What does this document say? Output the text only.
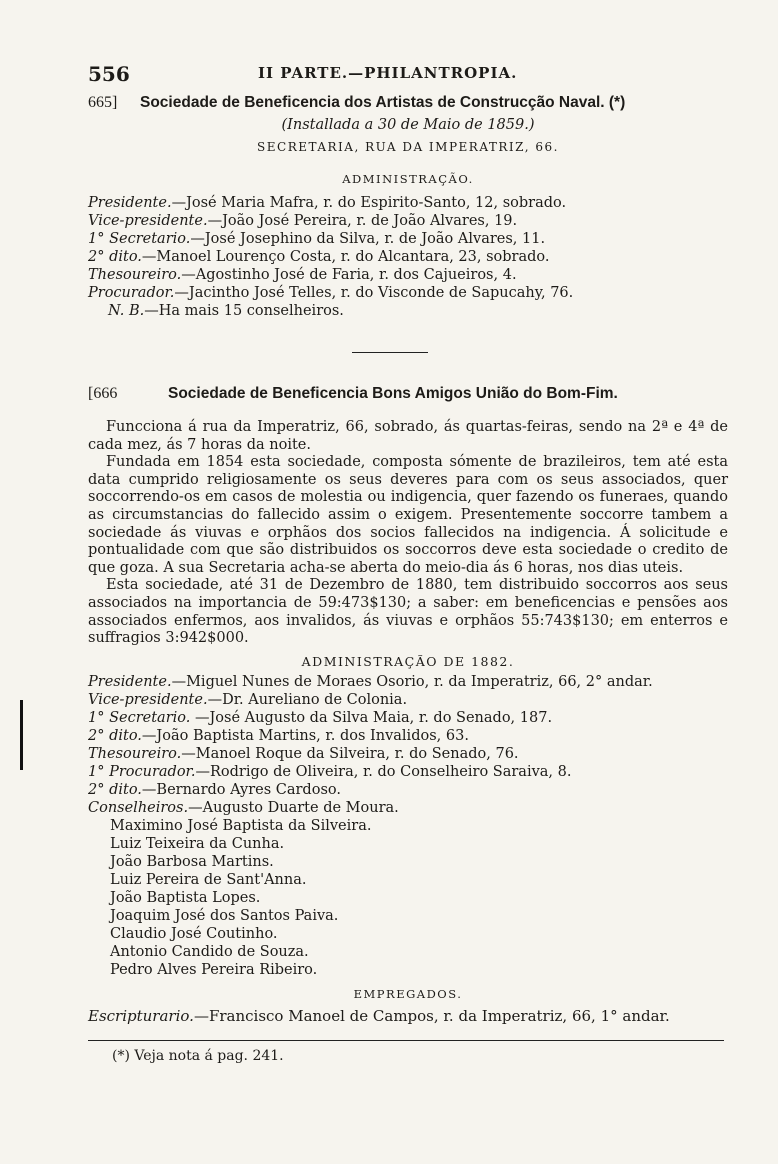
556	II PARTE.—PHILANTROPIA.
665] Sociedade de Beneficencia dos Artistas de Construcção Naval. (*)
(Installada a 30 de Maio de 1859.)
SECRETARIA, RUA DA IMPERATRIZ, 66.
ADMINISTRAÇÃO.
Presidente.—José Maria Mafra, r. do Espirito-Santo, 12, sobrado.
Vice-presidente.—João José Pereira, r. de João Alvares, 19.
1° Secretario.—José Josephino da Silva, r. de João Alvares, 11.
2° dito.—Manoel Lourenço Costa, r. do Alcantara, 23, sobrado.
Thesoureiro.—Agostinho José de Faria, r. dos Cajueiros, 4.
Procurador.—Jacintho José Telles, r. do Visconde de Sapucahy, 76.
N. B.—Ha mais 15 conselheiros.
[666	Sociedade de Beneficencia Bons Amigos União do Bom-Fim.

Funcciona á rua da Imperatriz, 66, sobrado, ás quartas-feiras, sendo na 2ª e 4ª de cada mez, ás 7 horas da noite.

Fundada em 1854 esta sociedade, composta sómente de brazileiros, tem até esta data cumprido religiosamente os seus deveres para com os seus associados, quer soccorrendo-os em casos de molestia ou indigencia, quer fazendo os funeraes, quando as circumstancias do fallecido assim o exigem. Presentemente soccorre tambem a sociedade ás viuvas e orphãos dos socios fallecidos na indigencia. Á solicitude e pontualidade com que são distribuidos os soccorros deve esta sociedade o credito de que goza. A sua Secretaria acha-se aberta do meio-dia ás 6 horas, nos dias uteis.

Esta sociedade, até 31 de Dezembro de 1880, tem distribuido soccorros aos seus associados na importancia de 59:473$130; a saber: em beneficencias e pensões aos associados enfermos, aos invalidos, ás viuvas e orphãos 55:743$130; em enterros e suffragios 3:942$000.

ADMINISTRAÇÃO DE 1882.
Presidente.—Miguel Nunes de Moraes Osorio, r. da Imperatriz, 66, 2° andar.
Vice-presidente.—Dr. Aureliano de Colonia.
1° Secretario. —José Augusto da Silva Maia, r. do Senado, 187.
2° dito.—João Baptista Martins, r. dos Invalidos, 63.
Thesoureiro.—Manoel Roque da Silveira, r. do Senado, 76.
1° Procurador.—Rodrigo de Oliveira, r. do Conselheiro Saraiva, 8.
2° dito.—Bernardo Ayres Cardoso.
Conselheiros.—Augusto Duarte de Moura.
Maximino José Baptista da Silveira.
Luiz Teixeira da Cunha.
João Barbosa Martins.
Luiz Pereira de Sant'Anna.
João Baptista Lopes.
Joaquim José dos Santos Paiva.
Claudio José Coutinho.
Antonio Candido de Souza.
Pedro Alves Pereira Ribeiro.
EMPREGADOS.
Escripturario.—Francisco Manoel de Campos, r. da Imperatriz, 66, 1° andar.
(*) Veja nota á pag. 241.
